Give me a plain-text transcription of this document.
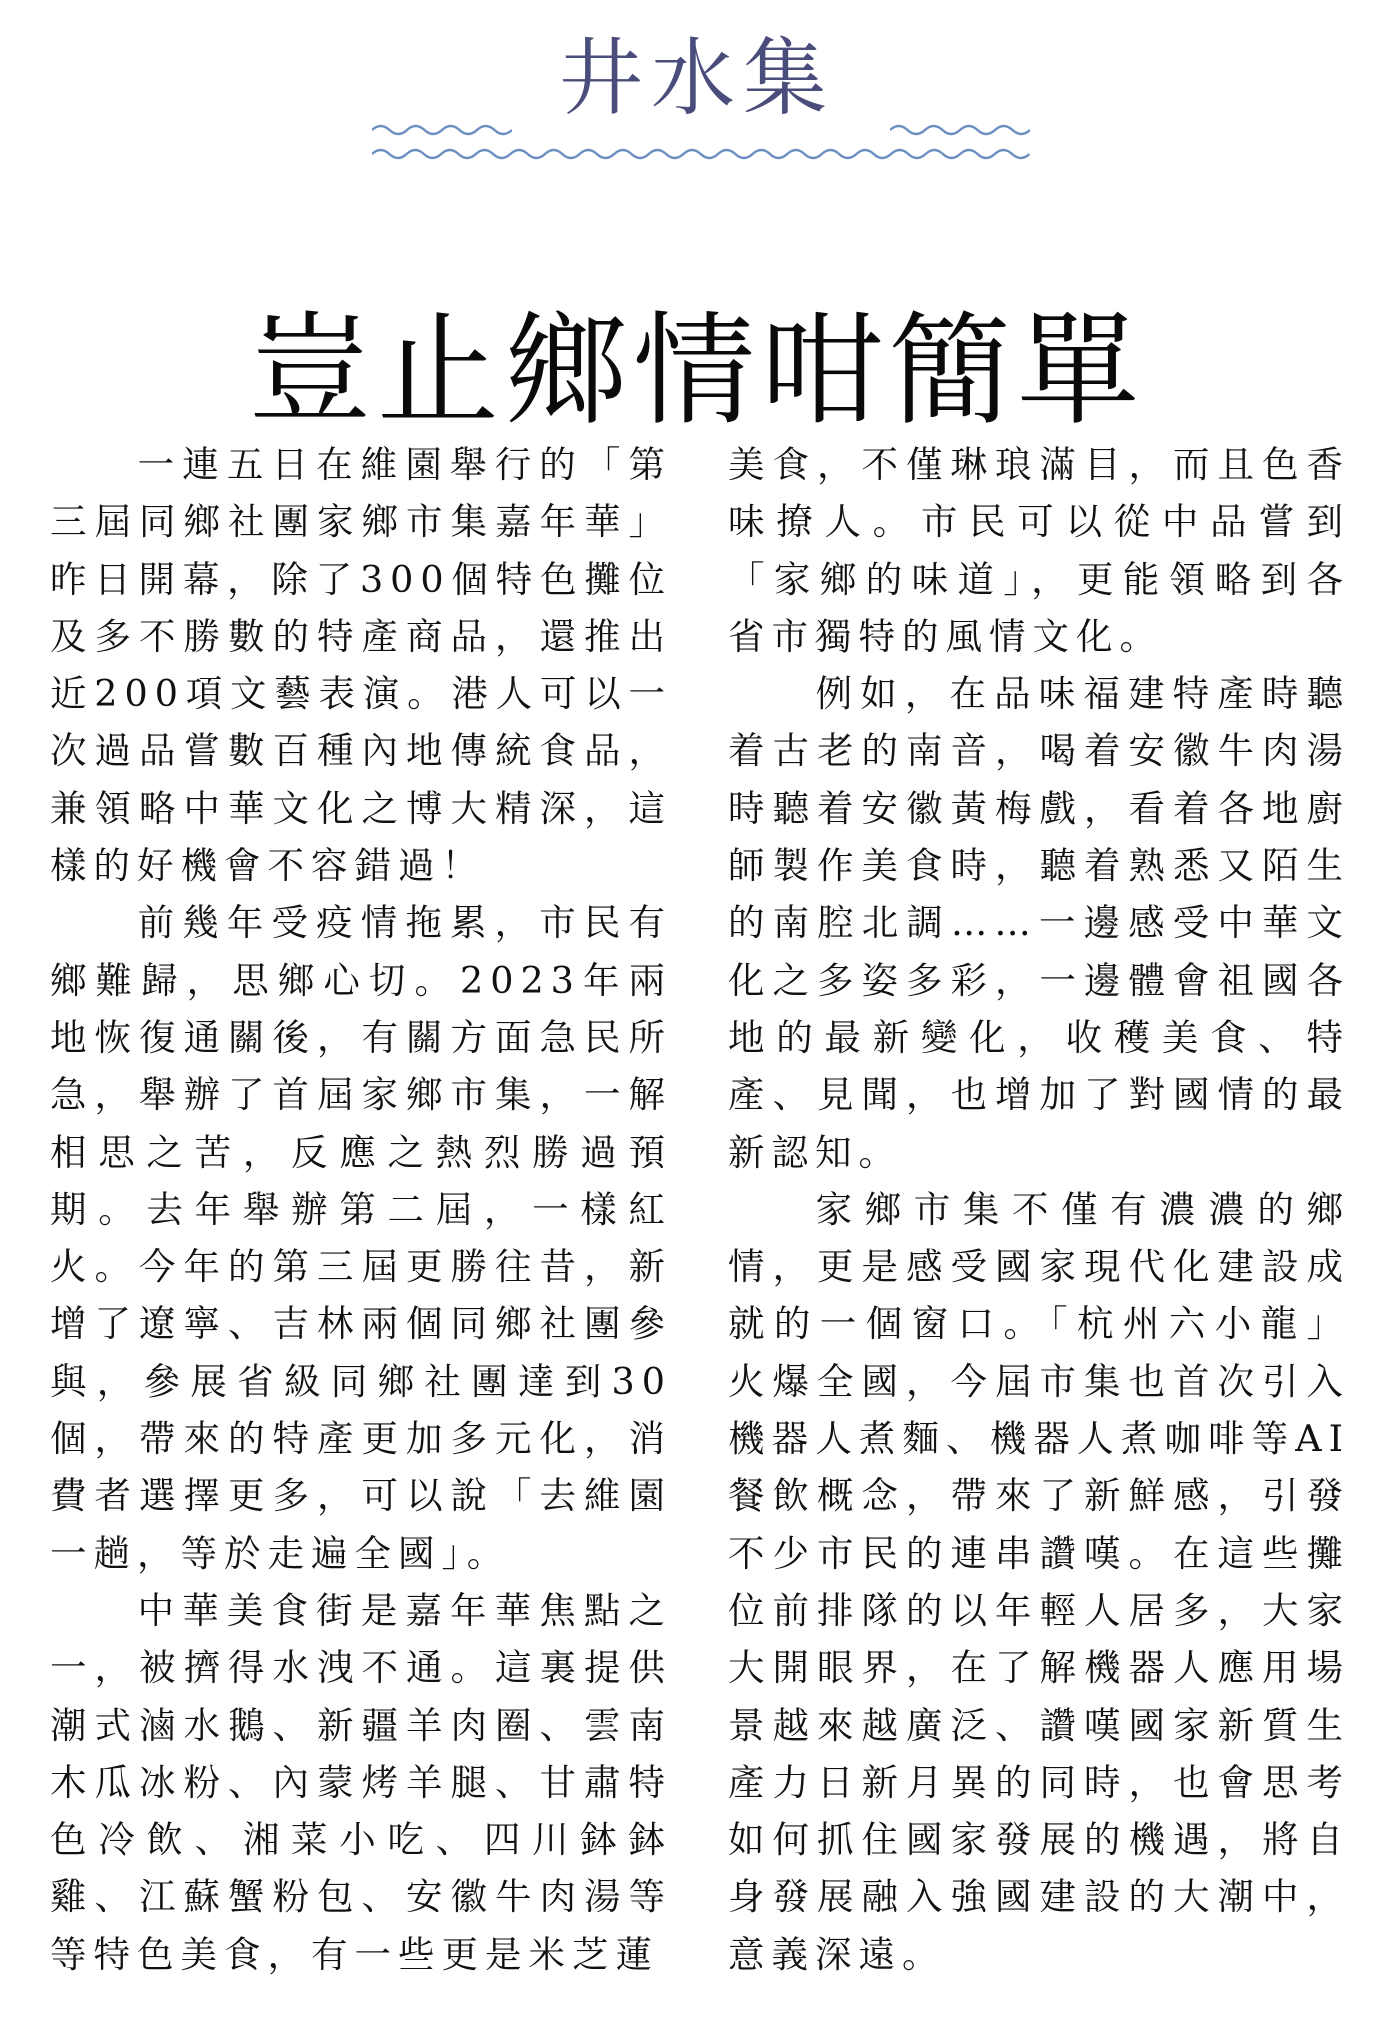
井水集
豈止鄉情咁簡單

一連五日在維園舉行的「第三屆同鄉社團家鄉市集嘉年華」昨日開幕，除了300個特色攤位及多不勝數的特產商品，還推出近200項文藝表演。港人可以一次過品嘗數百種內地傳統食品，兼領略中華文化之博大精深，這樣的好機會不容錯過！

前幾年受疫情拖累，市民有鄉難歸，思鄉心切。2023年兩地恢復通關後，有關方面急民所急，舉辦了首屆家鄉市集，一解相思之苦，反應之熱烈勝過預期。去年舉辦第二屆，一樣紅火。今年的第三屆更勝往昔，新增了遼寧、吉林兩個同鄉社團參與，參展省級同鄉社團達到30個，帶來的特產更加多元化，消費者選擇更多，可以說「去維園一趟，等於走遍全國」。

中華美食街是嘉年華焦點之一，被擠得水洩不通。這裏提供潮式滷水鵝、新疆羊肉圈、雲南木瓜冰粉、內蒙烤羊腿、甘肅特色冷飲、湘菜小吃、四川鉢鉢雞、江蘇蟹粉包、安徽牛肉湯等等特色美食，有一些更是米芝蓮

美食，不僅琳琅滿目，而且色香味撩人。市民可以從中品嘗到「家鄉的味道」，更能領略到各省市獨特的風情文化。

例如，在品味福建特產時聽着古老的南音，喝着安徽牛肉湯時聽着安徽黃梅戲，看着各地廚師製作美食時，聽着熟悉又陌生的南腔北調……一邊感受中華文化之多姿多彩，一邊體會祖國各地的最新變化，收穫美食、特產、見聞，也增加了對國情的最新認知。

家鄉市集不僅有濃濃的鄉情，更是感受國家現代化建設成就的一個窗口。「杭州六小龍」火爆全國，今屆市集也首次引入機器人煮麵、機器人煮咖啡等AI餐飲概念，帶來了新鮮感，引發不少市民的連串讚嘆。在這些攤位前排隊的以年輕人居多，大家大開眼界，在了解機器人應用場景越來越廣泛、讚嘆國家新質生產力日新月異的同時，也會思考如何抓住國家發展的機遇，將自身發展融入強國建設的大潮中，意義深遠。
